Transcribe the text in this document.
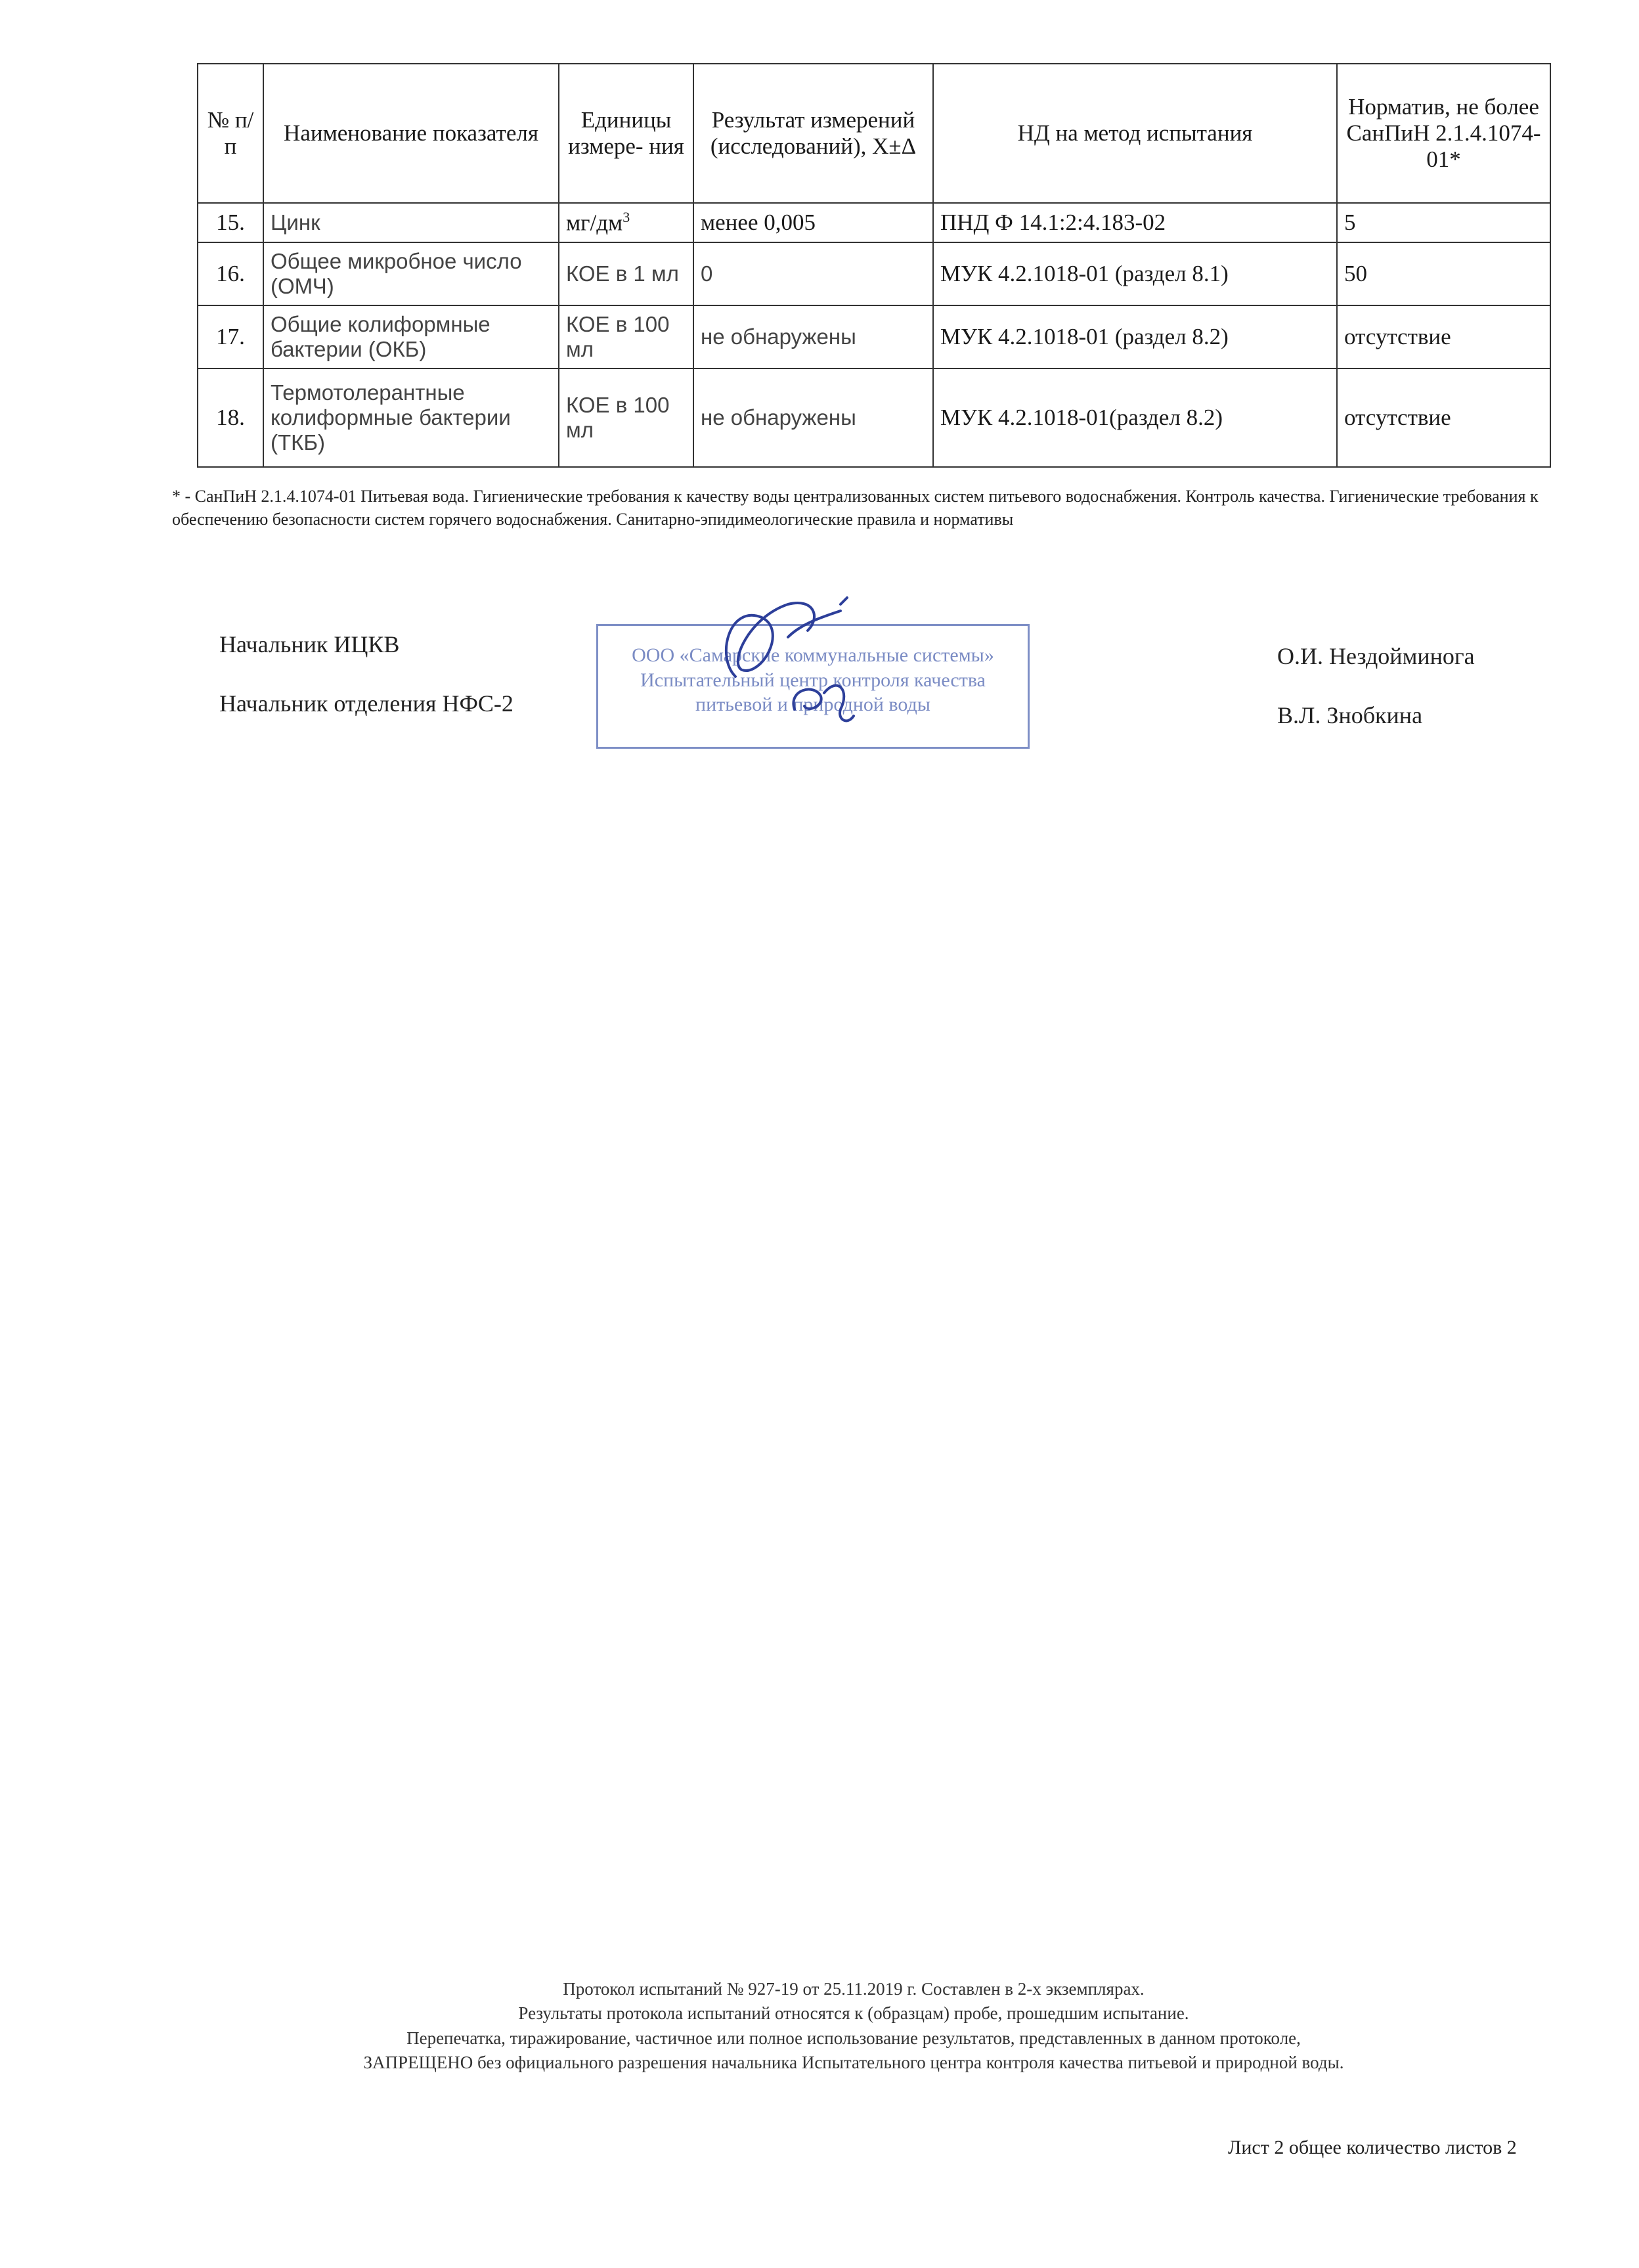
№ п/п	Наименование показателя	Единицы измере- ния	Результат измерений (исследований), X±Δ	НД на метод испытания	Норматив, не более СанПиН 2.1.4.1074-01*
15.	Цинк	$мг/дм^3$	менее 0,005	ПНД Ф 14.1:2:4.183-02	5
16.	Общее микробное число (ОМЧ)	КОЕ в 1 мл	0	МУК 4.2.1018-01 (раздел 8.1)	50
17.	Общие колиформные бактерии (ОКБ)	КОЕ в 100 мл	не обнаружены	МУК 4.2.1018-01 (раздел 8.2)	отсутствие
18.	Термотолерантные колиформные бактерии (ТКБ)	КОЕ в 100 мл	не обнаружены	МУК 4.2.1018-01(раздел 8.2)	отсутствие
* - СанПиН 2.1.4.1074-01 Питьевая вода. Гигиенические требования к качеству воды централизованных систем питьевого водоснабжения. Контроль качества. Гигиенические требования к обеспечению безопасности систем горячего водоснабжения. Санитарно-эпидимеологические правила и нормативы
Начальник ИЦКВ
Начальник отделения НФС-2
О.И. Нездойминога
В.Л. Знобкина
ООО «Самарские коммунальные системы»
Испытательный центр контроля качества
питьевой и природной воды
Протокол испытаний № 927-19 от 25.11.2019 г. Составлен в 2-х экземплярах.
Результаты протокола испытаний относятся к (образцам) пробе, прошедшим испытание.
Перепечатка, тиражирование, частичное или полное использование результатов, представленных в данном протоколе,
ЗАПРЕЩЕНО без официального разрешения начальника Испытательного центра контроля качества питьевой и природной воды.
Лист 2 общее количество листов 2
